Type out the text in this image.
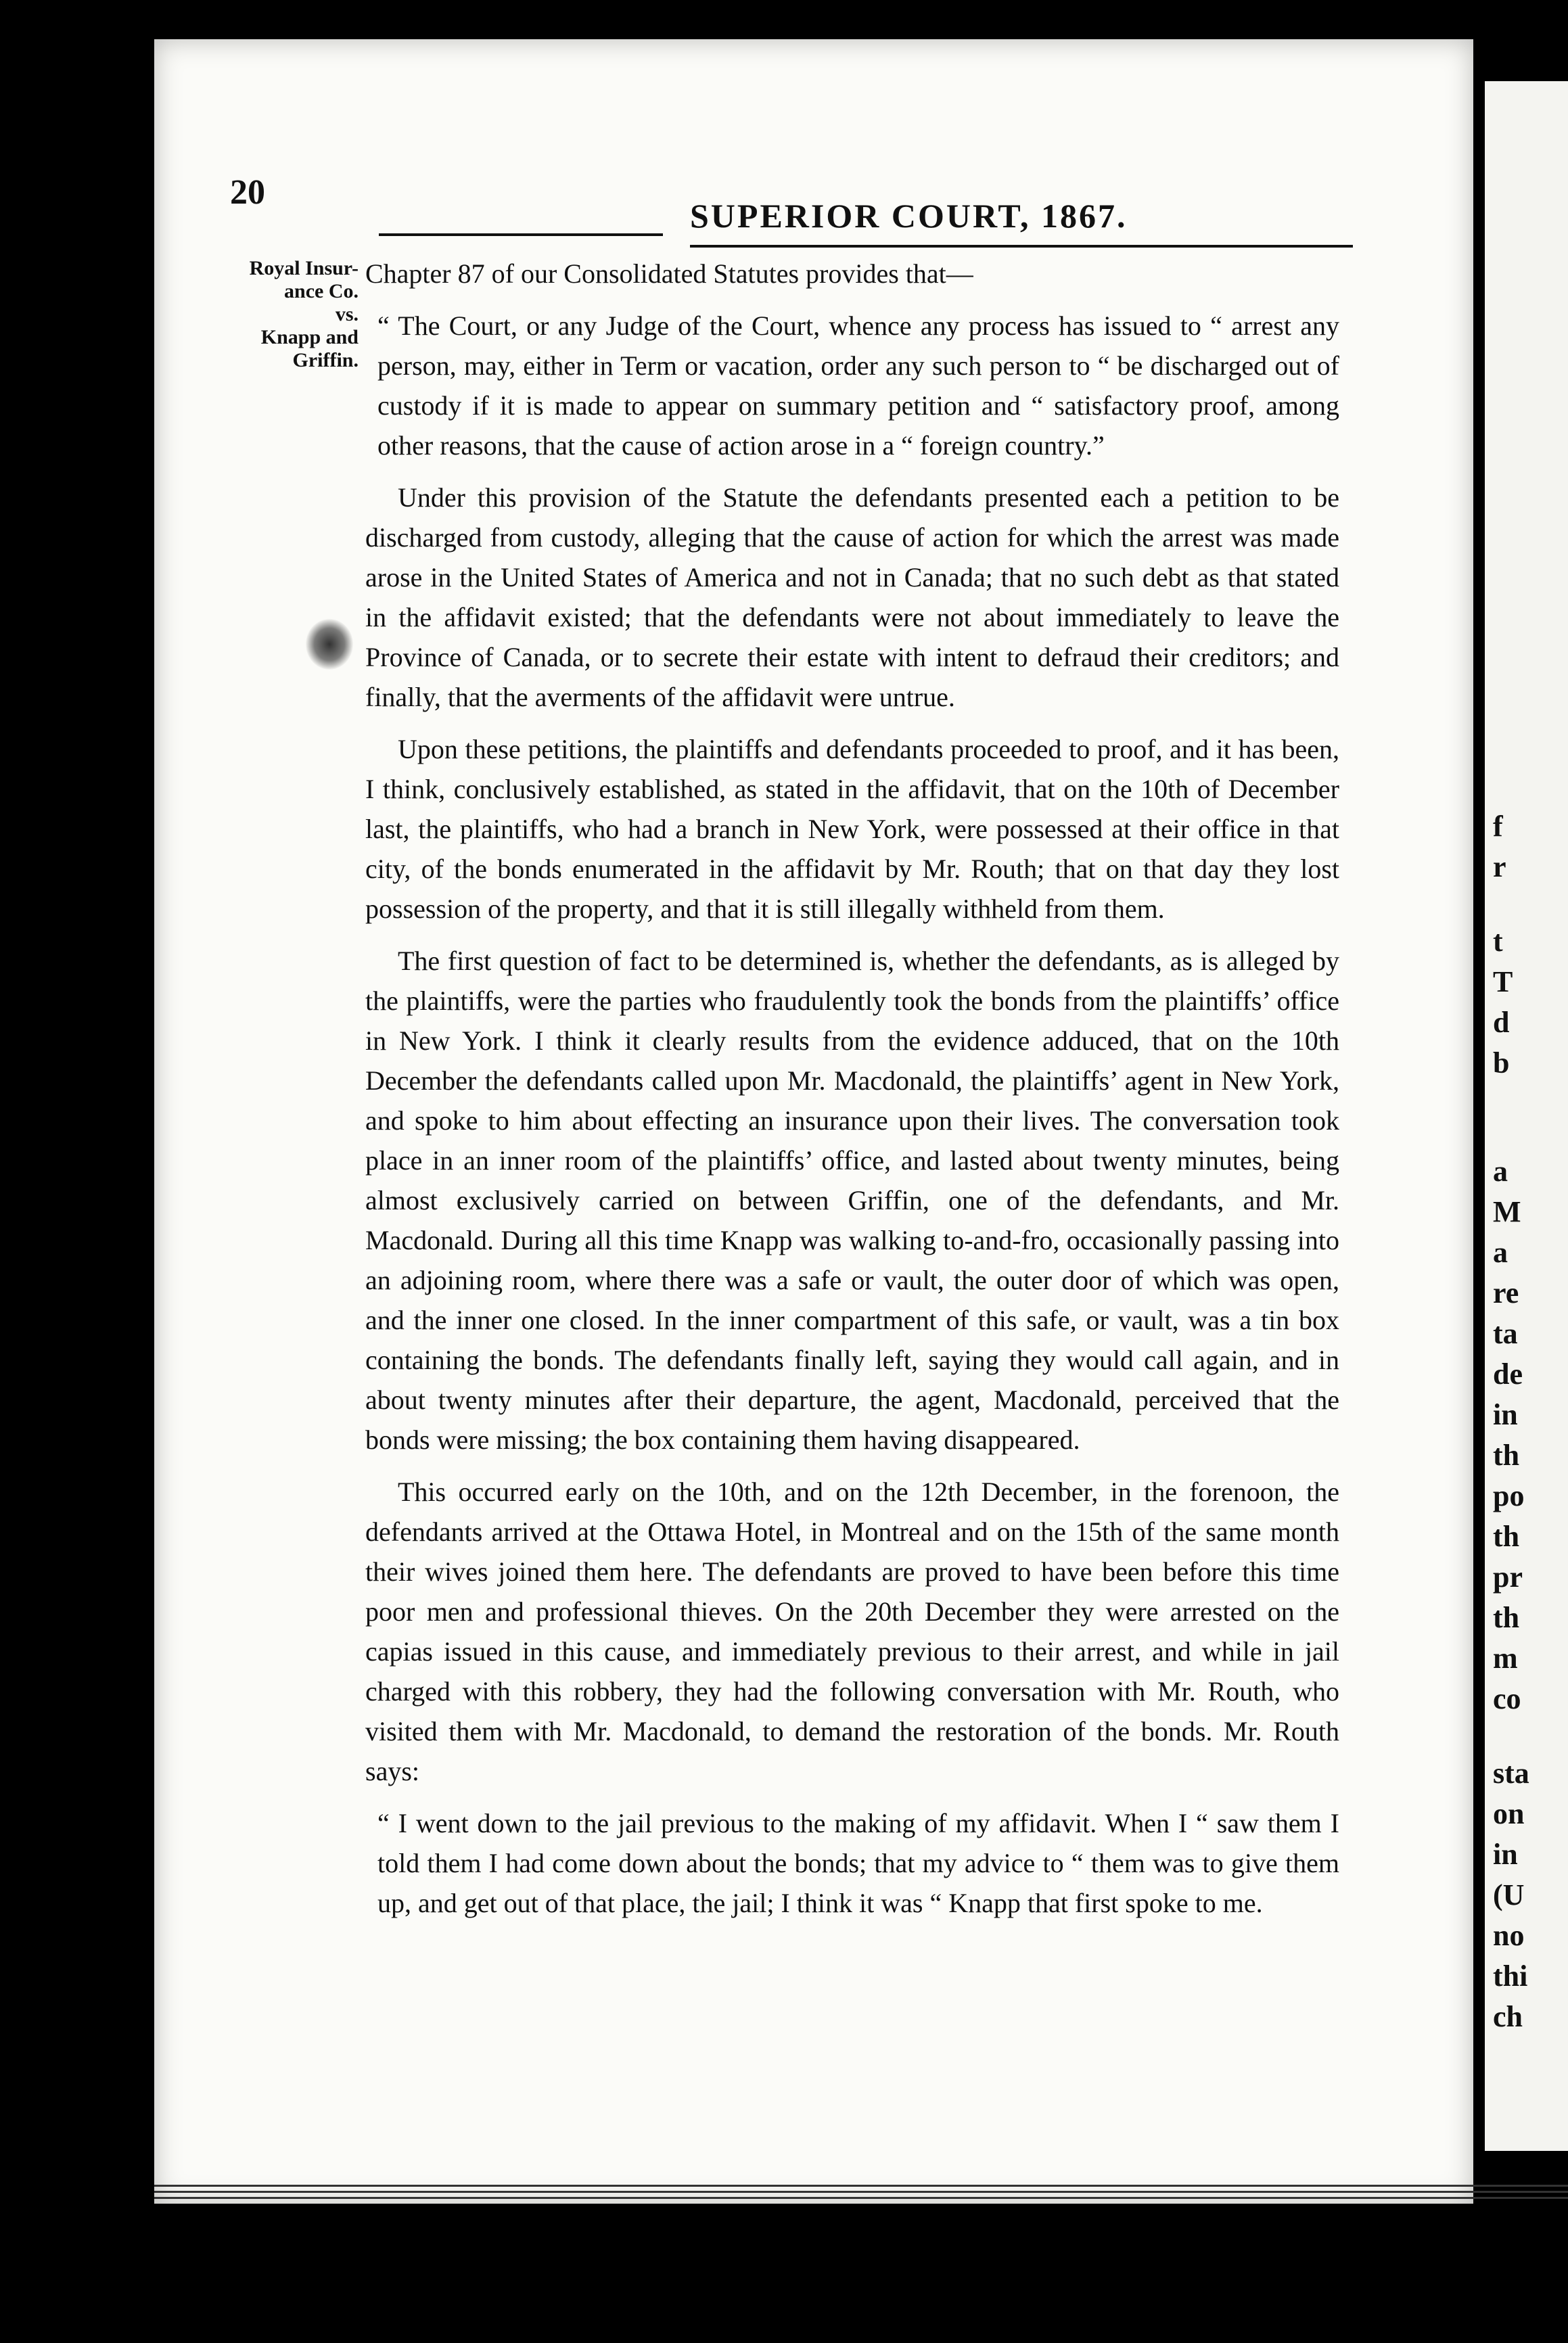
f
r
t
T
d
b
a
M
a
re
ta
de
in
th
po
th
pr
th
m
co
sta
on
in
(U
no
thi
ch
20
SUPERIOR COURT, 1867.
Royal Insur-
ance Co.
vs.
Knapp and
Griffin.

Chapter 87 of our Consolidated Statutes provides that—

“ The Court, or any Judge of the Court, whence any process has issued to “ arrest any person, may, either in Term or vacation, order any such person to “ be discharged out of custody if it is made to appear on summary petition and “ satisfactory proof, among other reasons, that the cause of action arose in a “ foreign country.”

Under this provision of the Statute the defendants presented each a petition to be discharged from custody, alleging that the cause of action for which the arrest was made arose in the United States of America and not in Canada; that no such debt as that stated in the affidavit existed; that the defendants were not about immediately to leave the Province of Canada, or to secrete their estate with intent to defraud their creditors; and finally, that the averments of the affidavit were untrue.

Upon these petitions, the plaintiffs and defendants proceeded to proof, and it has been, I think, conclusively established, as stated in the affidavit, that on the 10th of December last, the plaintiffs, who had a branch in New York, were possessed at their office in that city, of the bonds enumerated in the affidavit by Mr. Routh; that on that day they lost possession of the property, and that it is still illegally withheld from them.

The first question of fact to be determined is, whether the defendants, as is alleged by the plaintiffs, were the parties who fraudulently took the bonds from the plaintiffs’ office in New York. I think it clearly results from the evidence adduced, that on the 10th December the defendants called upon Mr. Macdonald, the plaintiffs’ agent in New York, and spoke to him about effecting an insurance upon their lives. The conversation took place in an inner room of the plaintiffs’ office, and lasted about twenty minutes, being almost exclusively carried on between Griffin, one of the defendants, and Mr. Macdonald. During all this time Knapp was walking to-and-fro, occasionally passing into an adjoining room, where there was a safe or vault, the outer door of which was open, and the inner one closed. In the inner compartment of this safe, or vault, was a tin box containing the bonds. The defendants finally left, saying they would call again, and in about twenty minutes after their departure, the agent, Macdonald, perceived that the bonds were missing; the box containing them having disappeared.

This occurred early on the 10th, and on the 12th December, in the forenoon, the defendants arrived at the Ottawa Hotel, in Montreal and on the 15th of the same month their wives joined them here. The defendants are proved to have been before this time poor men and professional thieves. On the 20th December they were arrested on the capias issued in this cause, and immediately previous to their arrest, and while in jail charged with this robbery, they had the following conversation with Mr. Routh, who visited them with Mr. Macdonald, to demand the restoration of the bonds. Mr. Routh says:

“ I went down to the jail previous to the making of my affidavit. When I “ saw them I told them I had come down about the bonds; that my advice to “ them was to give them up, and get out of that place, the jail; I think it was “ Knapp that first spoke to me.
